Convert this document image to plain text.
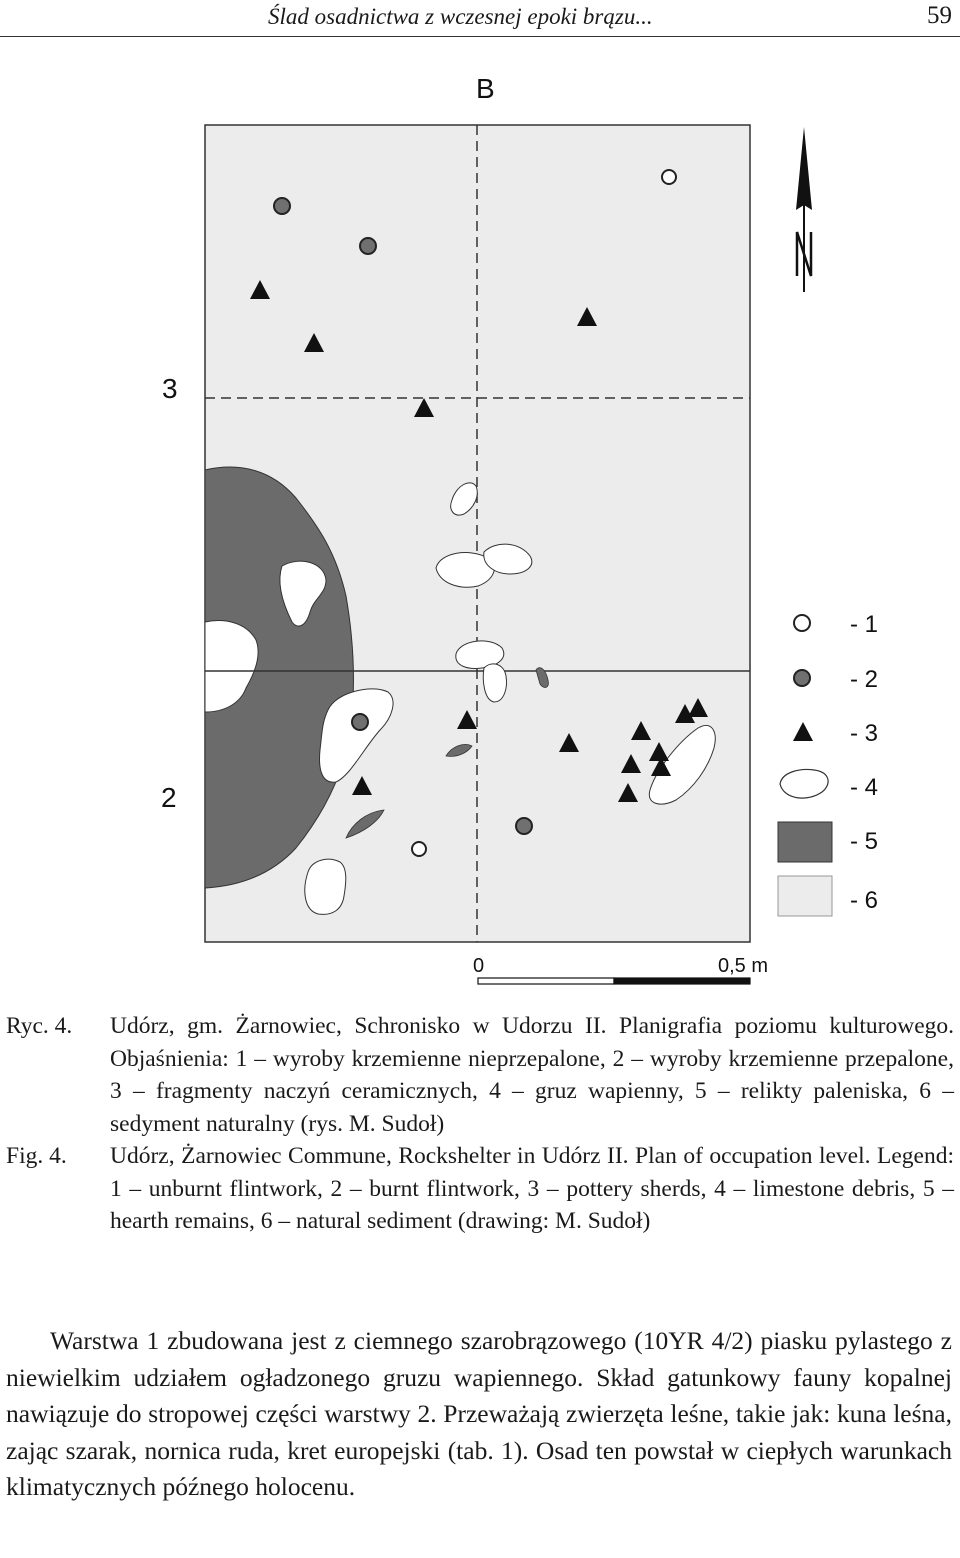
Ślad osadnictwa z wczesnej epoki brązu...	59
B
3
2
N
- 1
- 2
- 3
- 4
- 5
- 6
0	0,5 m
Ryc. 4. Udórz, gm. Żarnowiec, Schronisko w Udorzu II. Planigrafia poziomu kulturowego. Objaśnienia: 1 – wyroby krzemienne nieprzepalone, 2 – wyroby krzemienne przepalone, 3 – fragmenty naczyń ceramicznych, 4 – gruz wapienny, 5 – relikty paleniska, 6 – sedyment naturalny (rys. M. Sudoł)
Fig. 4. Udórz, Żarnowiec Commune, Rockshelter in Udórz II. Plan of occupation level. Legend: 1 – unburnt flintwork, 2 – burnt flintwork, 3 – pottery sherds, 4 – limestone debris, 5 – hearth remains, 6 – natural sediment (drawing: M. Sudoł)
Warstwa 1 zbudowana jest z ciemnego szarobrązowego (10YR 4/2) piasku pylastego z niewielkim udziałem ogładzonego gruzu wapiennego. Skład gatunkowy fauny kopalnej nawiązuje do stropowej części warstwy 2. Przeważają zwierzęta leśne, takie jak: kuna leśna, zając szarak, nornica ruda, kret europejski (tab. 1). Osad ten powstał w ciepłych warunkach klimatycznych późnego holocenu.
